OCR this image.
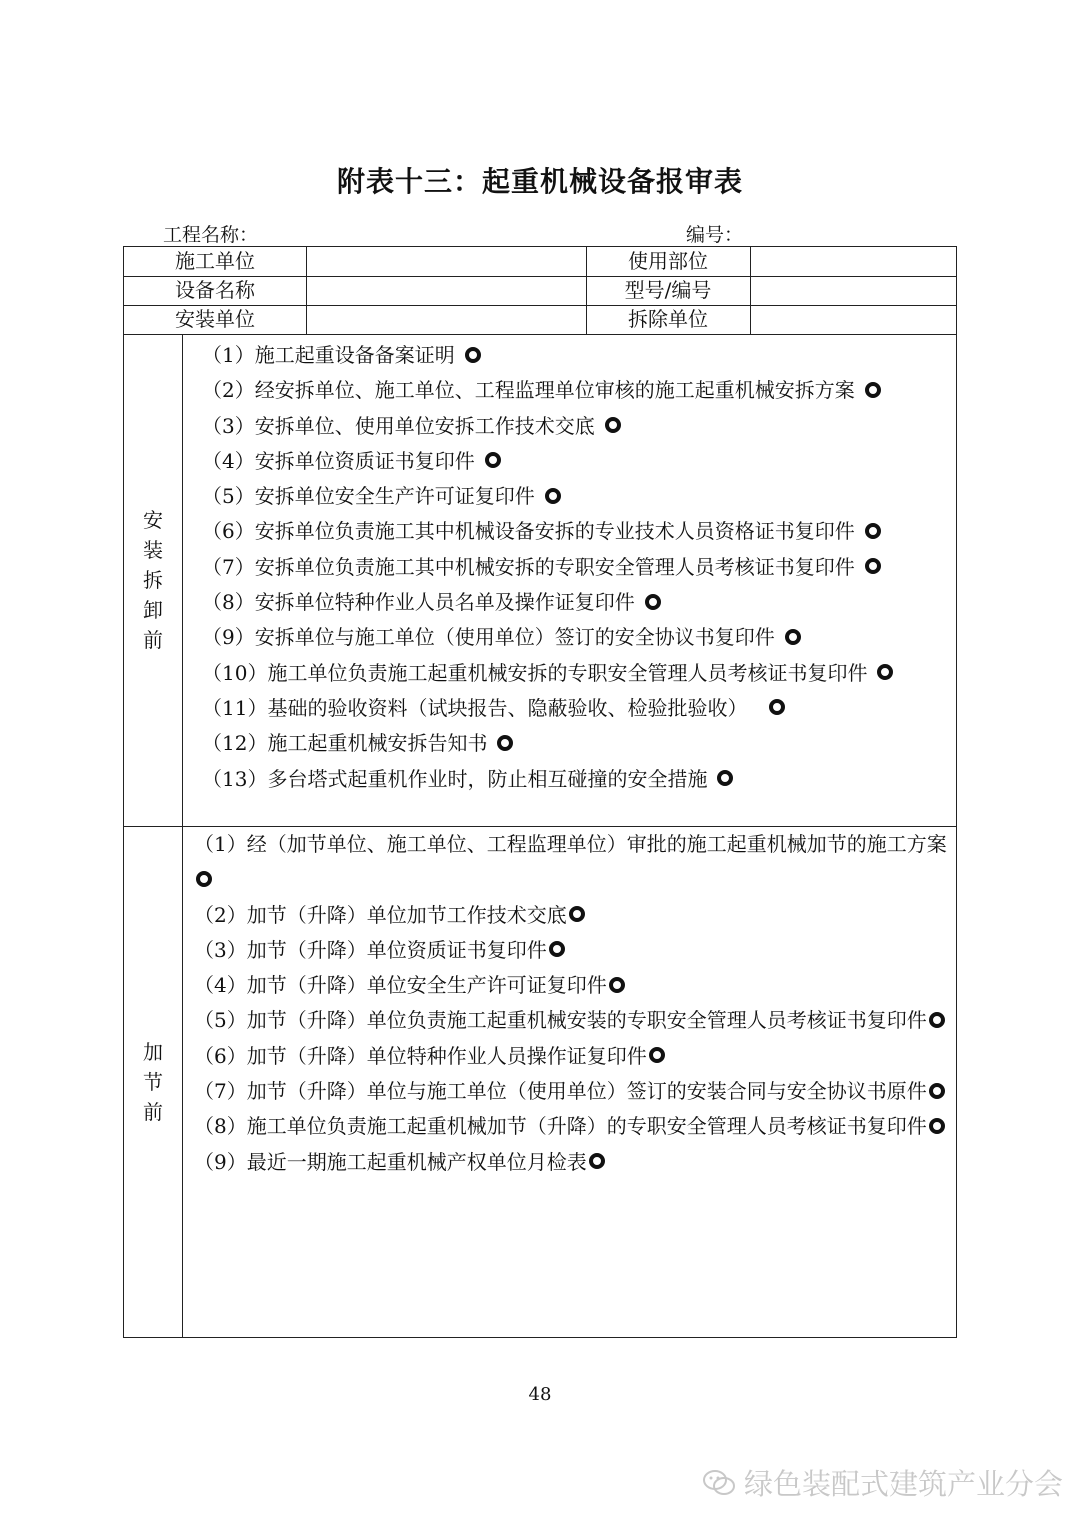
附表十三：起重机械设备报审表
工程名称：	编号：
施工单位	使用部位
设备名称	型号/编号
安装单位	拆除单位
安装拆卸前
（1）施工起重设备备案证明
（2）经安拆单位、施工单位、工程监理单位审核的施工起重机械安拆方案
（3）安拆单位、使用单位安拆工作技术交底
（4）安拆单位资质证书复印件
（5）安拆单位安全生产许可证复印件
（6）安拆单位负责施工其中机械设备安拆的专业技术人员资格证书复印件
（7）安拆单位负责施工其中机械安拆的专职安全管理人员考核证书复印件
（8）安拆单位特种作业人员名单及操作证复印件
（9）安拆单位与施工单位（使用单位）签订的安全协议书复印件
（10）施工单位负责施工起重机械安拆的专职安全管理人员考核证书复印件
（11）基础的验收资料（试块报告、隐蔽验收、检验批验收）
（12）施工起重机械安拆告知书
（13）多台塔式起重机作业时，防止相互碰撞的安全措施
加节前
（1）经（加节单位、施工单位、工程监理单位）审批的施工起重机械加节的施工方案
（2）加节（升降）单位加节工作技术交底
（3）加节（升降）单位资质证书复印件
（4）加节（升降）单位安全生产许可证复印件
（5）加节（升降）单位负责施工起重机械安装的专职安全管理人员考核证书复印件
（6）加节（升降）单位特种作业人员操作证复印件
（7）加节（升降）单位与施工单位（使用单位）签订的安装合同与安全协议书原件
（8）施工单位负责施工起重机械加节（升降）的专职安全管理人员考核证书复印件
（9）最近一期施工起重机械产权单位月检表
48
绿色装配式建筑产业分会
